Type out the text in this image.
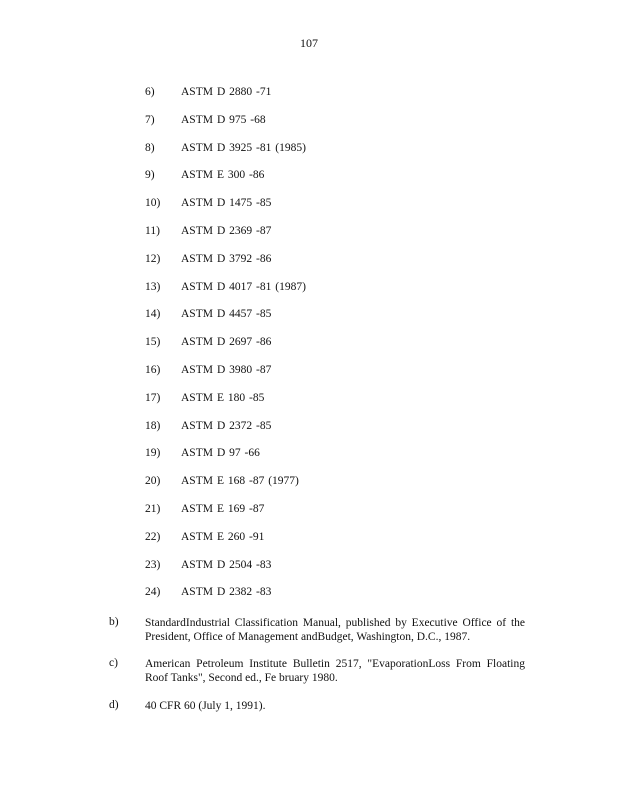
107
6) ASTM D 2880 -71
7) ASTM D 975 -68
8) ASTM D 3925 -81 (1985)
9) ASTM E 300 -86
10) ASTM D 1475 -85
11) ASTM D 2369 -87
12) ASTM D 3792 -86
13) ASTM D 4017 -81 (1987)
14) ASTM D 4457 -85
15) ASTM D 2697 -86
16) ASTM D 3980 -87
17) ASTM E 180 -85
18) ASTM D 2372 -85
19) ASTM D 97 -66
20) ASTM E 168 -87 (1977)
21) ASTM E 169 -87
22) ASTM E 260 -91
23) ASTM D 2504 -83
24) ASTM D 2382 -83
b) StandardIndustrial Classification Manual, published by Executive Office of the President, Office of Management andBudget, Washington, D.C., 1987.
c) American Petroleum Institute Bulletin 2517, "EvaporationLoss From Floating Roof Tanks", Second ed., Fe bruary 1980.
d) 40 CFR 60 (July 1, 1991).
